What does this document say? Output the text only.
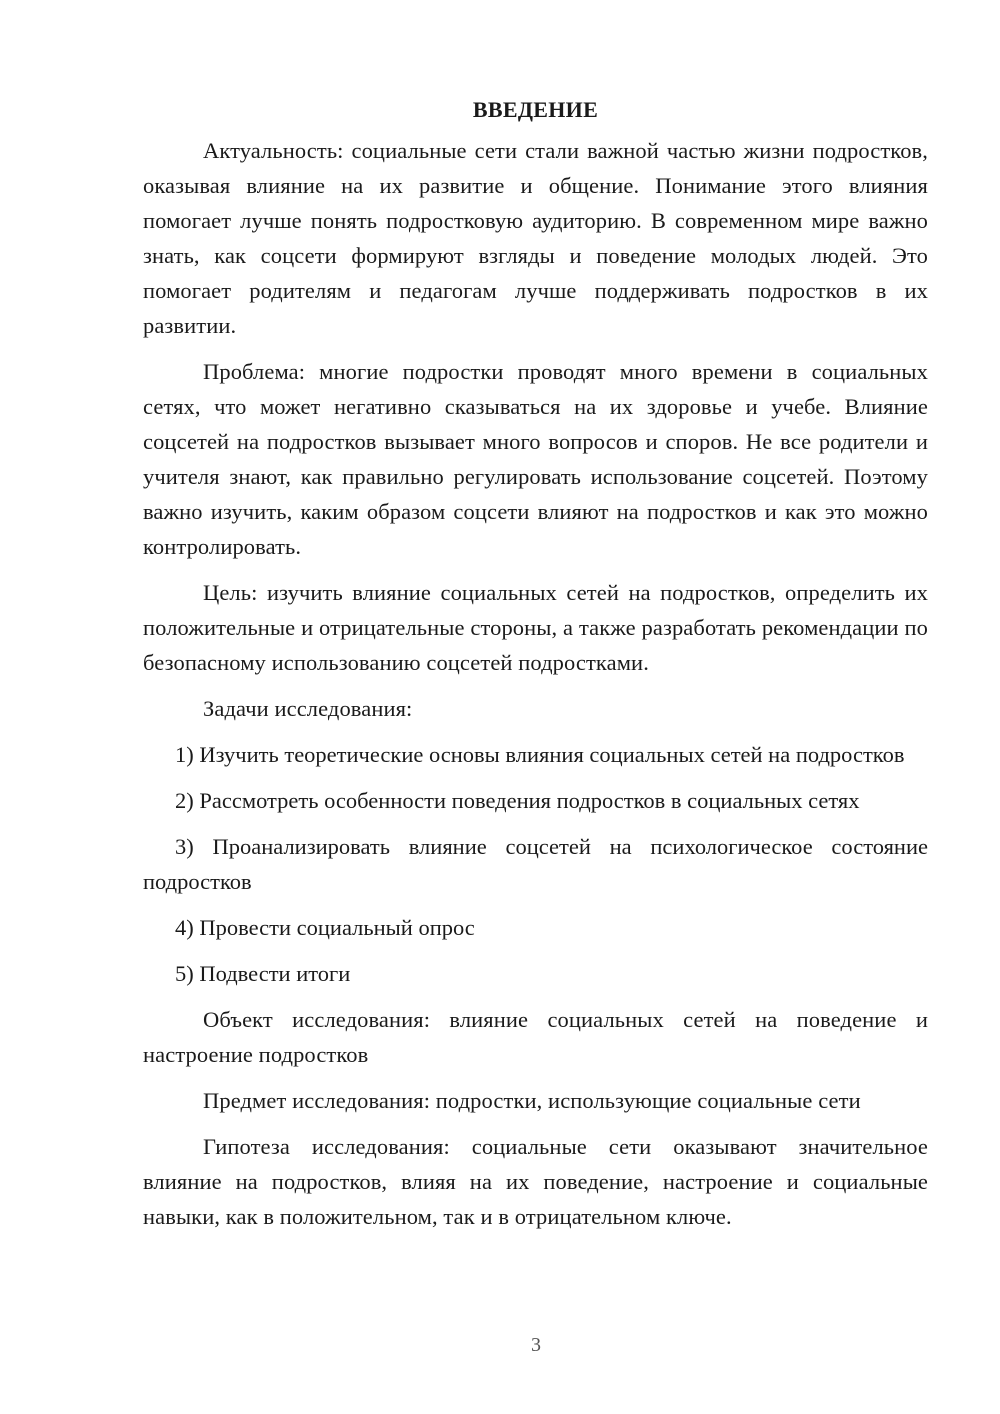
ВВЕДЕНИЕ

Актуальность: социальные сети стали важной частью жизни подростков, оказывая влияние на их развитие и общение. Понимание этого влияния помогает лучше понять подростковую аудиторию. В современном мире важно знать, как соцсети формируют взгляды и поведение молодых людей. Это помогает родителям и педагогам лучше поддерживать подростков в их развитии.

Проблема: многие подростки проводят много времени в социальных сетях, что может негативно сказываться на их здоровье и учебе. Влияние соцсетей на подростков вызывает много вопросов и споров. Не все родители и учителя знают, как правильно регулировать использование соцсетей. Поэтому важно изучить, каким образом соцсети влияют на подростков и как это можно контролировать.

Цель: изучить влияние социальных сетей на подростков, определить их положительные и отрицательные стороны, а также разработать рекомендации по безопасному использованию соцсетей подростками.

Задачи исследования:

1) Изучить теоретические основы влияния социальных сетей на подростков

2) Рассмотреть особенности поведения подростков в социальных сетях

3) Проанализировать влияние соцсетей на психологическое состояние подростков

4) Провести социальный опрос

5) Подвести итоги

Объект исследования: влияние социальных сетей на поведение и настроение подростков

Предмет исследования: подростки, использующие социальные сети

Гипотеза исследования: социальные сети оказывают значительное влияние на подростков, влияя на их поведение, настроение и социальные навыки, как в положительном, так и в отрицательном ключе.

3
